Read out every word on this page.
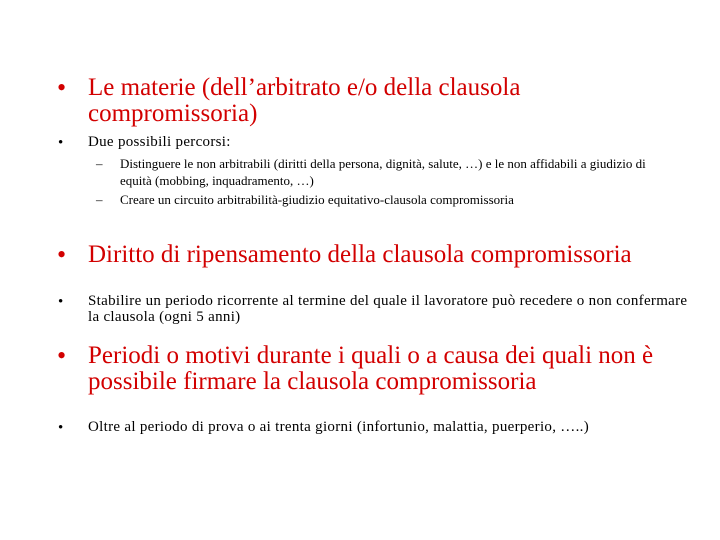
• Le materie (dell’arbitrato e/o della clausola compromissoria)
• Due possibili percorsi:
– Distinguere le non arbitrabili (diritti della persona, dignità, salute, …) e le non affidabili a giudizio di equità (mobbing, inquadramento, …)
– Creare un circuito arbitrabilità-giudizio equitativo-clausola compromissoria
• Diritto di ripensamento della clausola compromissoria
• Stabilire un periodo ricorrente al termine del quale il lavoratore può recedere o non confermare la clausola (ogni 5 anni)
• Periodi o motivi durante i quali o a causa dei quali non è possibile firmare la clausola compromissoria
• Oltre al periodo di prova o ai trenta giorni (infortunio, malattia, puerperio, …..)
